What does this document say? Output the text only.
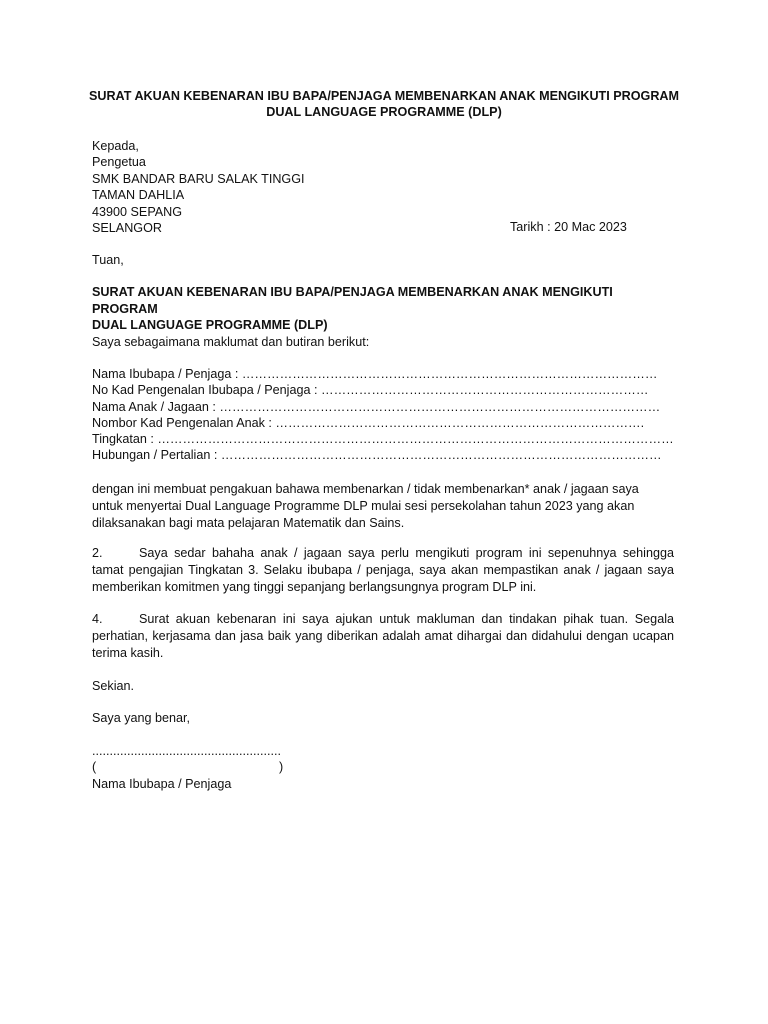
SURAT AKUAN KEBENARAN IBU BAPA/PENJAGA MEMBENARKAN ANAK MENGIKUTI PROGRAM
DUAL LANGUAGE PROGRAMME (DLP)
Kepada,
Pengetua
SMK BANDAR BARU SALAK TINGGI
TAMAN DAHLIA
43900 SEPANG
SELANGOR	Tarikh : 20 Mac 2023
Tuan,
SURAT AKUAN KEBENARAN IBU BAPA/PENJAGA MEMBENARKAN ANAK MENGIKUTI PROGRAM
DUAL LANGUAGE PROGRAMME (DLP)
Saya sebagaimana maklumat dan butiran berikut:
Nama Ibubapa / Penjaga : ………………………………………………………………………………………
No Kad Pengenalan Ibubapa / Penjaga : ……………………………………………………………………
Nama Anak / Jagaan : ……………………………………………………………………………………………
Nombor Kad Pengenalan Anak : …………………………………………………………………………….
Tingkatan : ……………………………………………………………………………………………………………
Hubungan / Pertalian : ……………………………………………………………………………………………
dengan ini membuat pengakuan bahawa membenarkan / tidak membenarkan* anak / jagaan saya
untuk menyertai Dual Language Programme DLP mulai sesi persekolahan tahun 2023 yang akan
dilaksanakan bagi mata pelajaran Matematik dan Sains.
2.	Saya sedar bahaha anak / jagaan saya perlu mengikuti program ini sepenuhnya sehingga tamat pengajian Tingkatan 3. Selaku ibubapa / penjaga, saya akan mempastikan anak / jagaan saya memberikan komitmen yang tinggi sepanjang berlangsungnya program DLP ini.
4.	Surat akuan kebenaran ini saya ajukan untuk makluman dan tindakan pihak tuan. Segala perhatian, kerjasama dan jasa baik yang diberikan adalah amat dihargai dan didahului dengan ucapan terima kasih.
Sekian.
Saya yang benar,
......................................................
(	)
Nama Ibubapa / Penjaga
